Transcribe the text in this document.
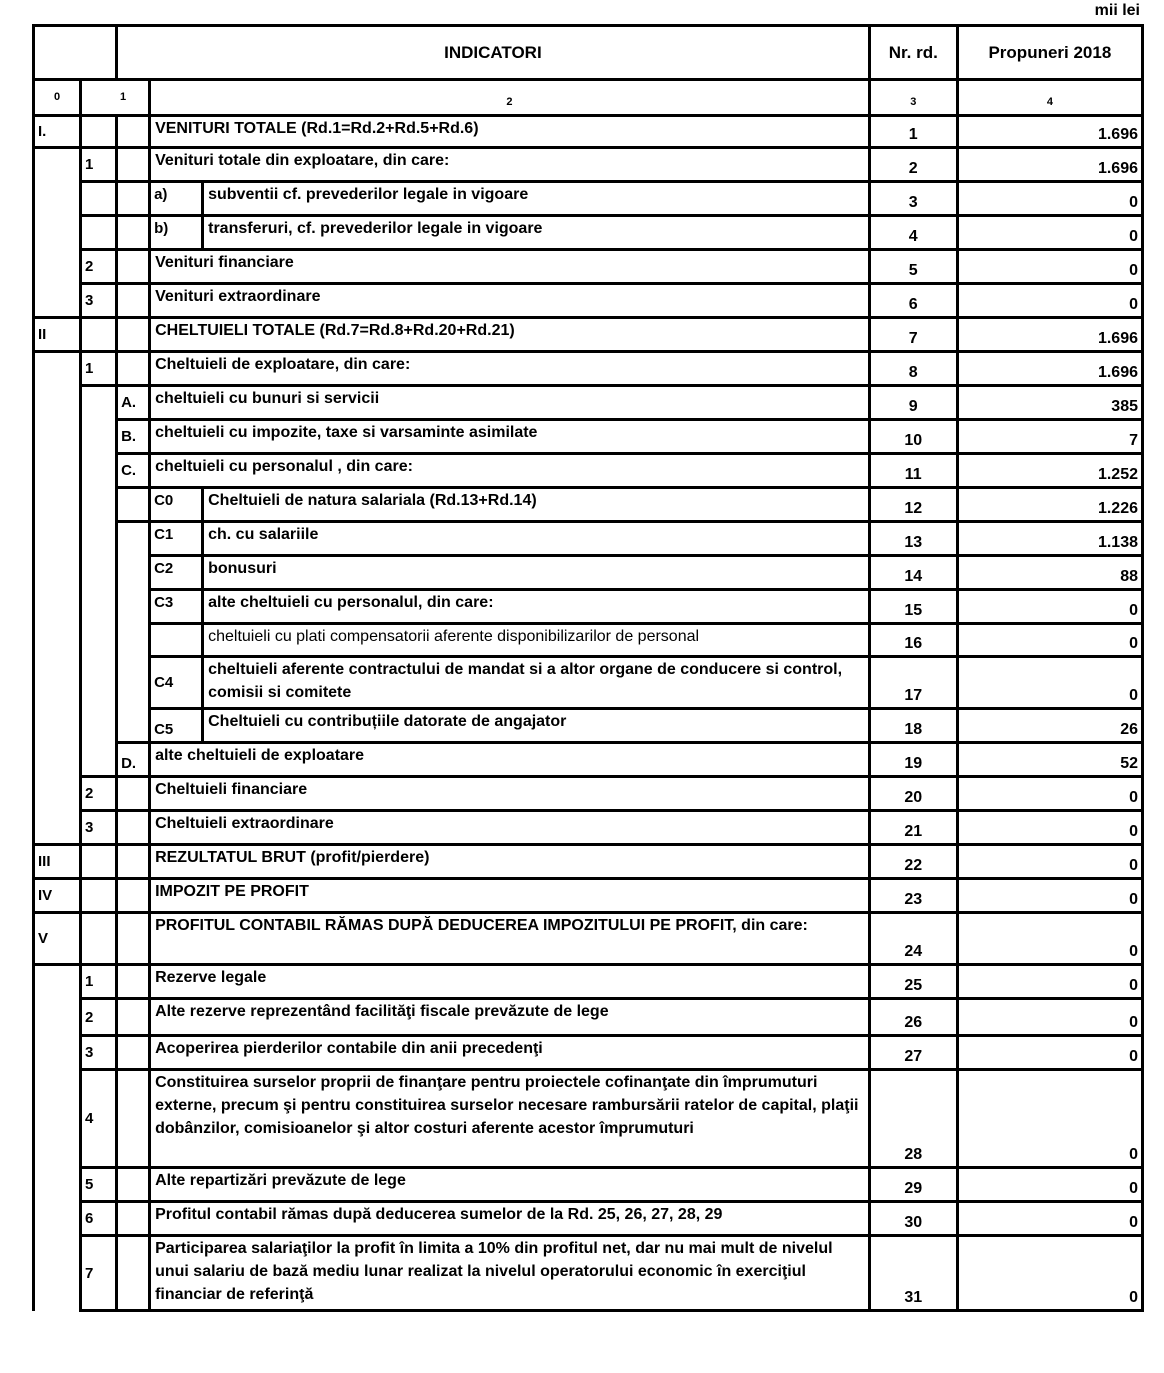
mii lei
		INDICATORI			Nr. rd.	Propuneri 2018
0	1		2		3	4
I.			VENITURI TOTALE (Rd.1=Rd.2+Rd.5+Rd.6)		1	1.696
	1		Venituri totale din exploatare, din care:		2	1.696
			a)	subventii cf. prevederilor legale in vigoare	3	0
			b)	transferuri, cf. prevederilor legale in vigoare	4	0
	2		Venituri financiare		5	0
	3		Venituri extraordinare		6	0
II			CHELTUIELI TOTALE (Rd.7=Rd.8+Rd.20+Rd.21)		7	1.696
	1		Cheltuieli de exploatare, din care:		8	1.696
		A.	cheltuieli cu bunuri si servicii		9	385
		B.	cheltuieli cu impozite, taxe si varsaminte asimilate		10	7
		C.	cheltuieli cu personalul , din care:		11	1.252
			C0	Cheltuieli de natura salariala (Rd.13+Rd.14)	12	1.226
			C1	ch. cu salariile	13	1.138
			C2	bonusuri	14	88
			C3	alte cheltuieli cu personalul, din care:	15	0
				cheltuieli cu plati compensatorii aferente disponibilizarilor de personal	16	0
			C4	cheltuieli aferente contractului de mandat si a altor organe de conducere si control, comisii si comitete	17	0
			C5	Cheltuieli cu contribuțiile datorate de angajator	18	26
		D.	alte cheltuieli de exploatare		19	52
	2		Cheltuieli financiare		20	0
	3		Cheltuieli extraordinare		21	0
III			REZULTATUL BRUT (profit/pierdere)		22	0
IV			IMPOZIT PE PROFIT		23	0
V			PROFITUL CONTABIL RĂMAS DUPĂ DEDUCEREA IMPOZITULUI PE PROFIT, din care:		24	0
	1		Rezerve legale		25	0
	2		Alte rezerve reprezentând facilităţi fiscale prevăzute de lege		26	0
	3		Acoperirea pierderilor contabile din anii precedenţi		27	0
	4		Constituirea surselor proprii de finanţare pentru proiectele cofinanţate din împrumuturi externe, precum şi pentru constituirea surselor necesare rambursării ratelor de capital, plaţii dobânzilor, comisioanelor şi altor costuri aferente acestor împrumuturi		28	0
	5		Alte repartizări prevăzute de lege		29	0
	6		Profitul contabil rămas după deducerea sumelor de la Rd. 25, 26, 27, 28, 29		30	0
	7		Participarea salariaţilor la profit în limita a 10% din profitul net, dar nu mai mult de nivelul unui salariu de bază mediu lunar realizat la nivelul operatorului economic în exerciţiul financiar de referinţă		31	0
